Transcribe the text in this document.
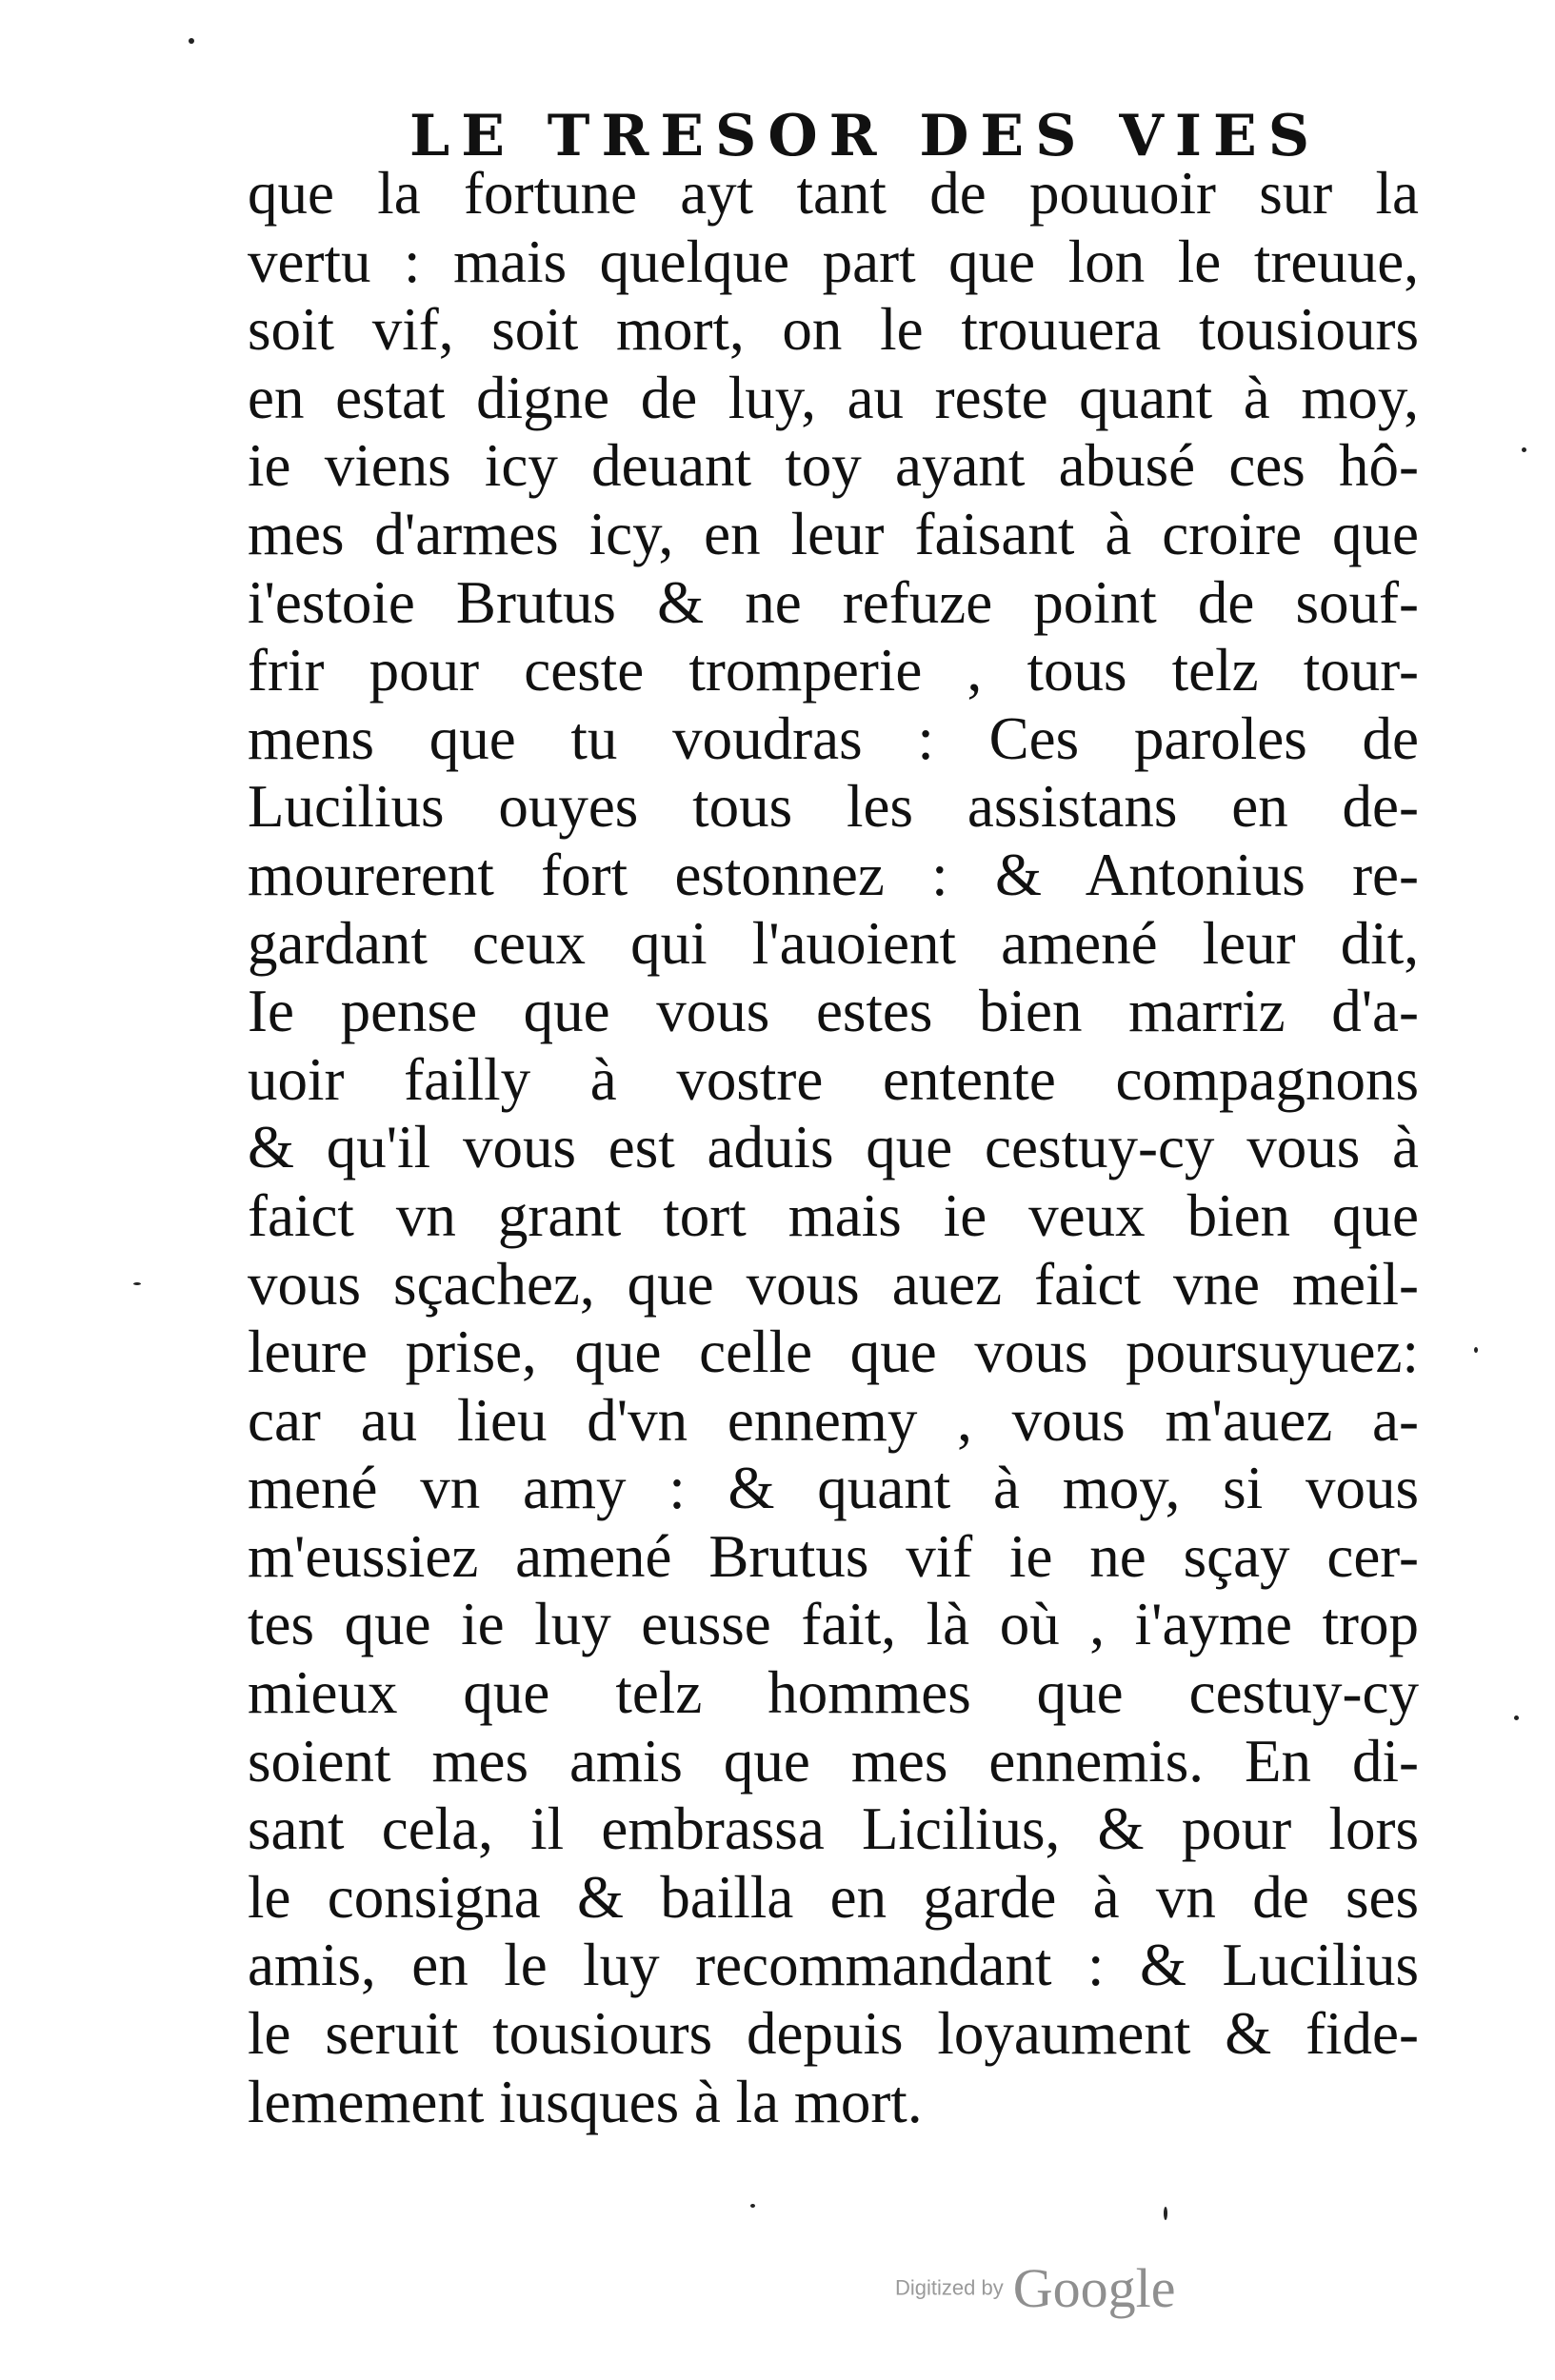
LE TRESOR DES VIES
que la fortune ayt tant de pouuoir sur la
vertu : mais quelque part que lon le treuue,
soit vif, soit mort, on le trouuera tousiours
en estat digne de luy, au reste quant à moy,
ie viens icy deuant toy ayant abusé ces hô-
mes d'armes icy, en leur faisant à croire que
i'estoie Brutus & ne refuze point de souf-
frir pour ceste tromperie , tous telz tour-
mens que tu voudras : Ces paroles de
Lucilius ouyes tous les assistans en de-
mourerent fort estonnez : & Antonius re-
gardant ceux qui l'auoient amené leur dit,
Ie pense que vous estes bien marriz d'a-
uoir failly à vostre entente compagnons
& qu'il vous est aduis que cestuy-cy vous à
faict vn grant tort mais ie veux bien que
vous sçachez, que vous auez faict vne meil-
leure prise, que celle que vous poursuyuez:
car au lieu d'vn ennemy , vous m'auez a-
mené vn amy : & quant à moy, si vous
m'eussiez amené Brutus vif ie ne sçay cer-
tes que ie luy eusse fait, là où , i'ayme trop
mieux que telz hommes que cestuy-cy
soient mes amis que mes ennemis. En di-
sant cela, il embrassa Licilius, & pour lors
le consigna & bailla en garde à vn de ses
amis, en le luy recommandant : & Lucilius
le seruit tousiours depuis loyaument & fide-
lemement iusques à la mort.
Digitized by Google
